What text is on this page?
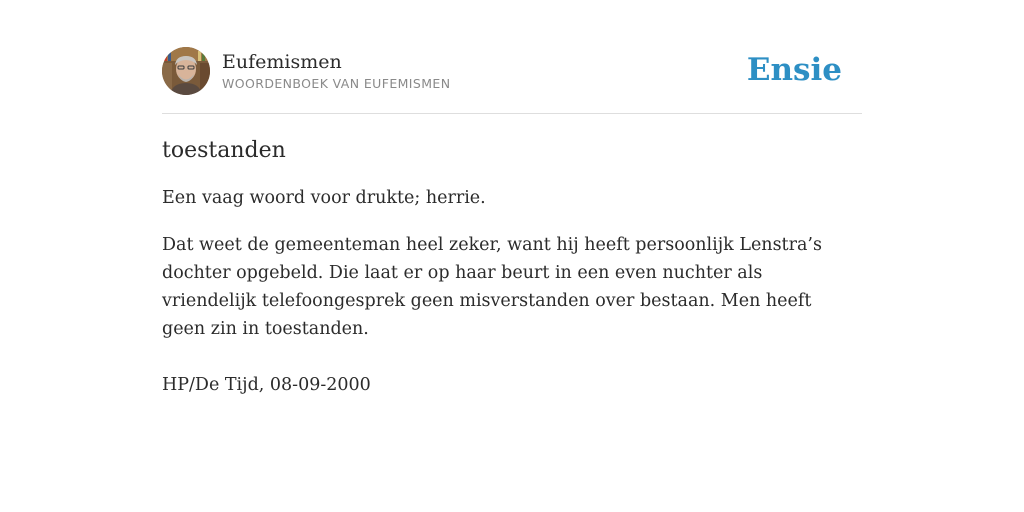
Eufemismen
WOORDENBOEK VAN EUFEMISMEN	Ensie
toestanden

Een vaag woord voor drukte; herrie.

Dat weet de gemeenteman heel zeker, want hij heeft persoonlijk Lenstra’s dochter opgebeld. Die laat er op haar beurt in een even nuchter als vriendelijk telefoongesprek geen misverstanden over bestaan. Men heeft geen zin in toestanden.

HP/De Tijd, 08-09-2000
